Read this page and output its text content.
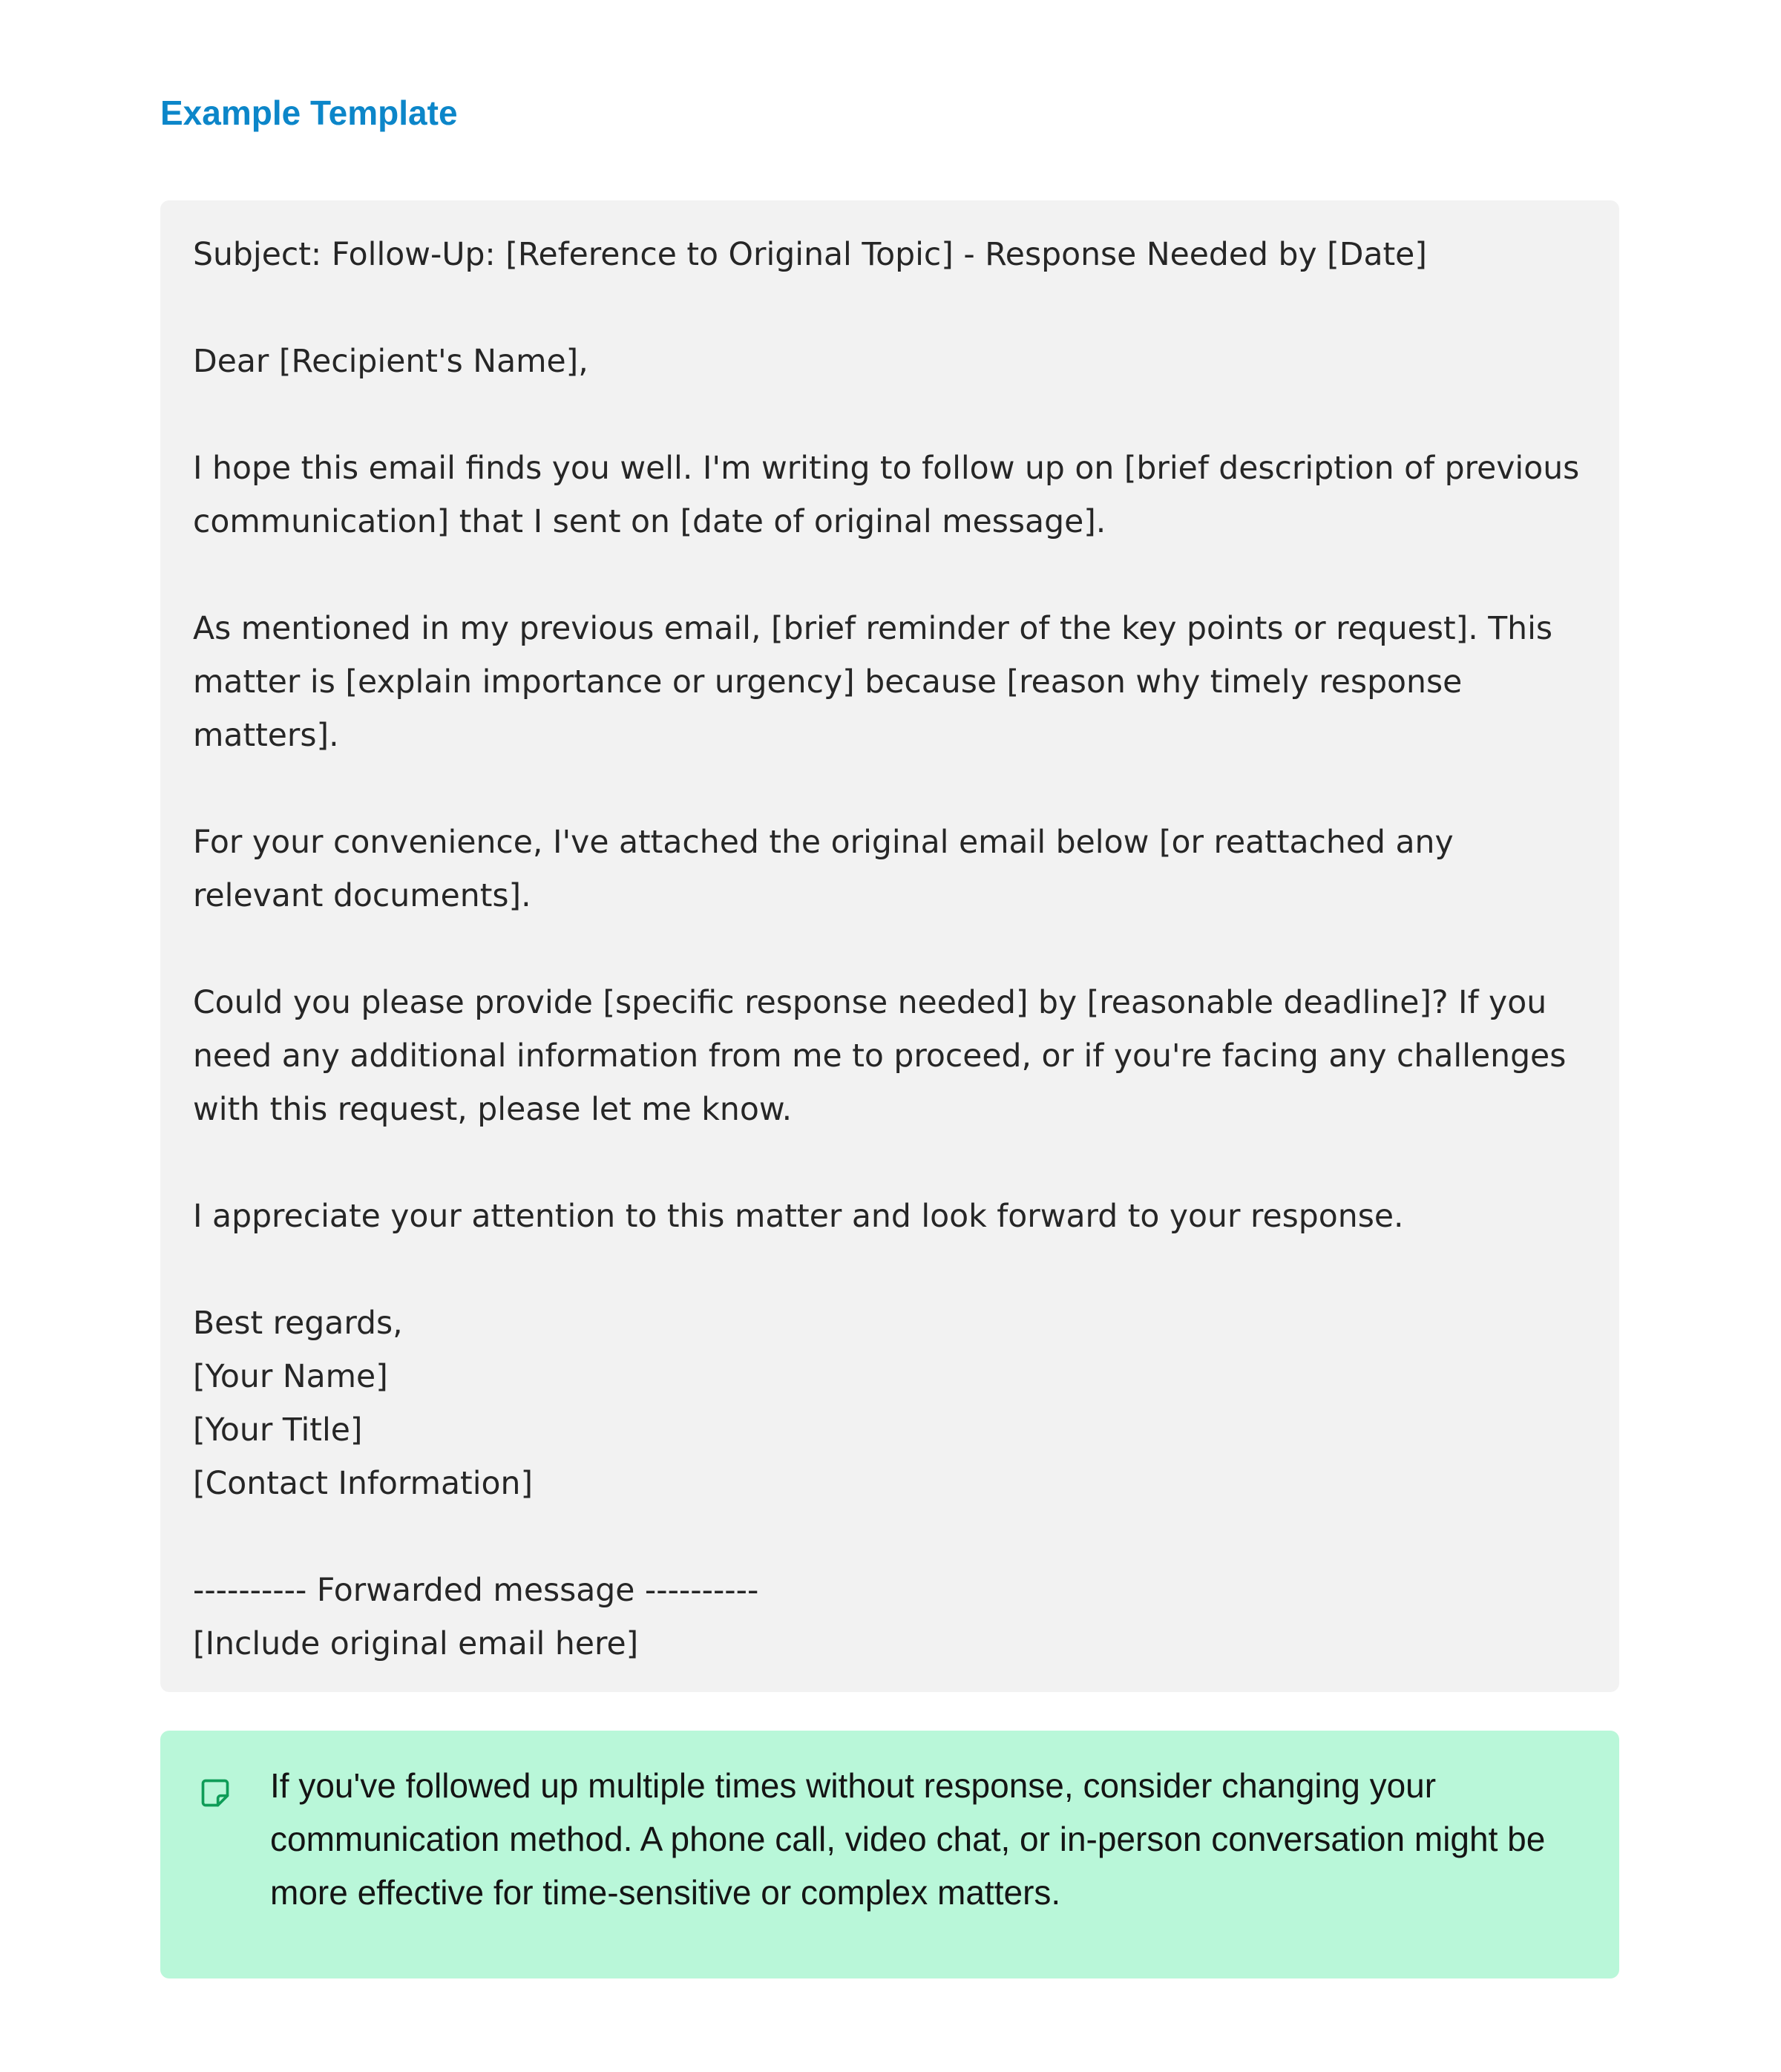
Example Template

Subject: Follow-Up: [Reference to Original Topic] - Response Needed by [Date]

Dear [Recipient's Name],

I hope this email finds you well. I'm writing to follow up on [brief description of previous communication] that I sent on [date of original message].

As mentioned in my previous email, [brief reminder of the key points or request]. This matter is [explain importance or urgency] because [reason why timely response matters].

For your convenience, I've attached the original email below [or reattached any relevant documents].

Could you please provide [specific response needed] by [reasonable deadline]? If you need any additional information from me to proceed, or if you're facing any challenges with this request, please let me know.

I appreciate your attention to this matter and look forward to your response.

Best regards,

[Your Name]

[Your Title]

[Contact Information]

---------- Forwarded message ----------

[Include original email here]

If you've followed up multiple times without response, consider changing your communication method. A phone call, video chat, or in-person conversation might be more effective for time-sensitive or complex matters.
